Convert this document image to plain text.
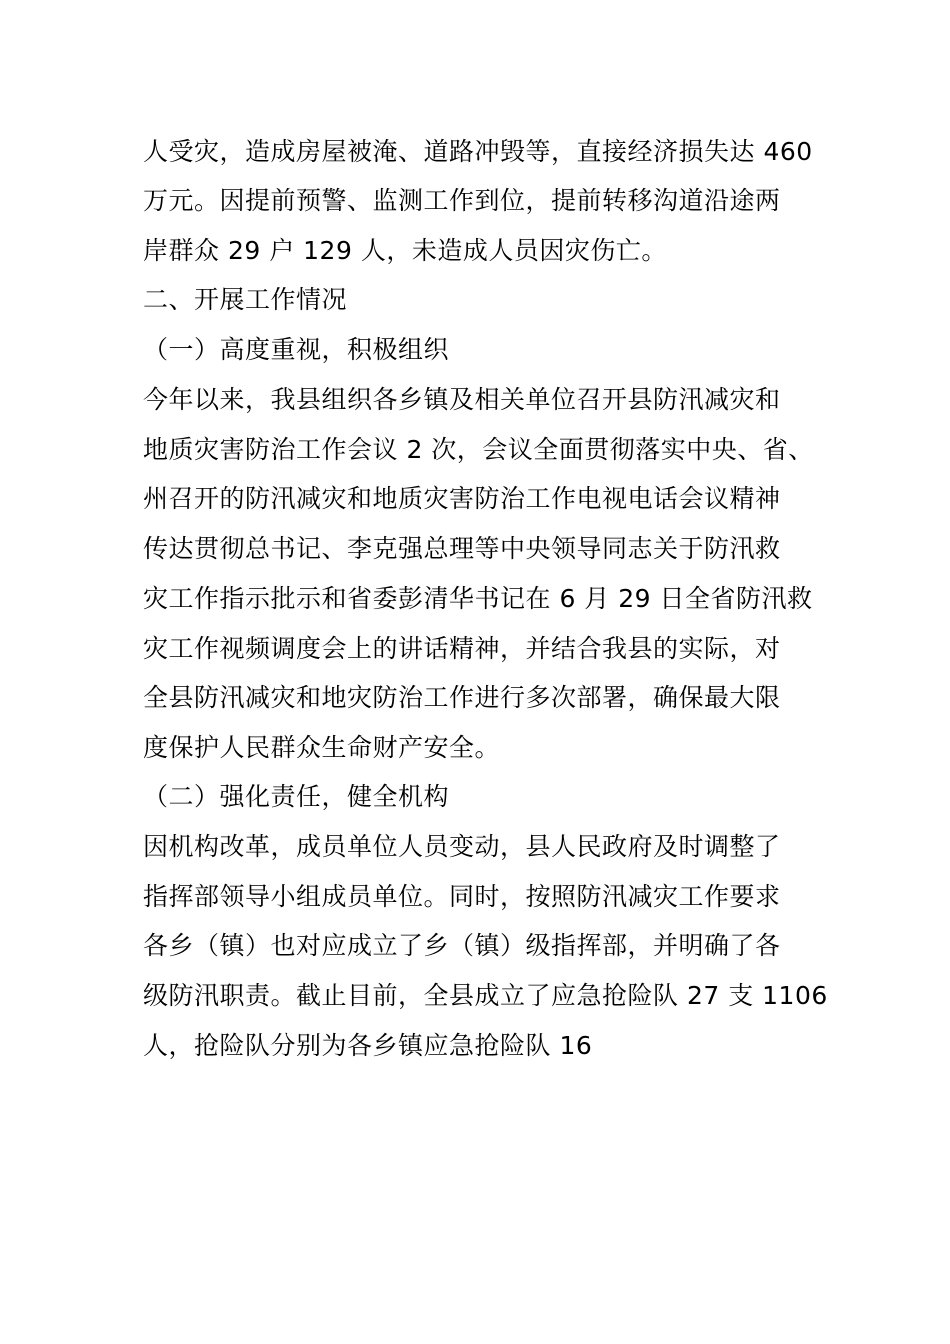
人受灾，造成房屋被淹、道路冲毁等，直接经济损失达 460
万元。因提前预警、监测工作到位，提前转移沟道沿途两
岸群众 29 户 129 人，未造成人员因灾伤亡。
二、开展工作情况
（一）高度重视，积极组织
今年以来，我县组织各乡镇及相关单位召开县防汛减灾和
地质灾害防治工作会议 2 次，会议全面贯彻落实中央、省、
州召开的防汛减灾和地质灾害防治工作电视电话会议精神
传达贯彻总书记、李克强总理等中央领导同志关于防汛救
灾工作指示批示和省委彭清华书记在 6 月 29 日全省防汛救
灾工作视频调度会上的讲话精神，并结合我县的实际，对
全县防汛减灾和地灾防治工作进行多次部署，确保最大限
度保护人民群众生命财产安全。
（二）强化责任，健全机构
因机构改革，成员单位人员变动，县人民政府及时调整了
指挥部领导小组成员单位。同时，按照防汛减灾工作要求
各乡（镇）也对应成立了乡（镇）级指挥部，并明确了各
级防汛职责。截止目前，全县成立了应急抢险队 27 支 1106
人，抢险队分别为各乡镇应急抢险队 16
